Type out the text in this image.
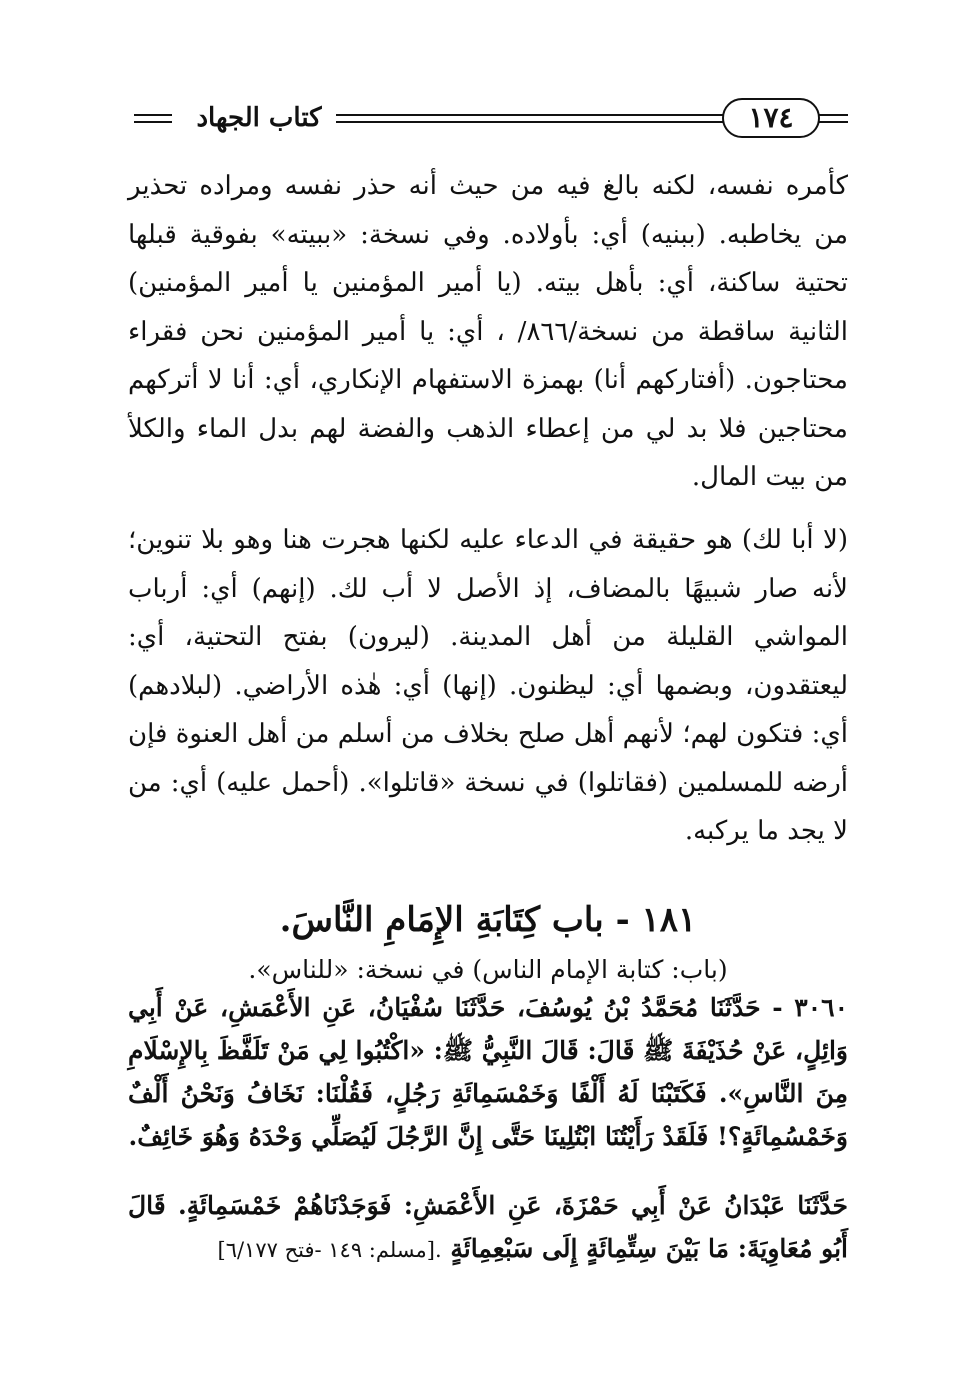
كتاب الجهاد	١٧٤

كأمره نفسه، لكنه بالغ فيه من حيث أنه حذر نفسه ومراده تحذير من يخاطبه. (ببنيه) أي: بأولاده. وفي نسخة: «ببيته» بفوقية قبلها تحتية ساكنة، أي: بأهل بيته. (يا أمير المؤمنين يا أمير المؤمنين) الثانية ساقطة من نسخة/٨٦٦/ ، أي: يا أمير المؤمنين نحن فقراء محتاجون. (أفتاركهم أنا) بهمزة الاستفهام الإنكاري، أي: أنا لا أتركهم محتاجين فلا بد لي من إعطاء الذهب والفضة لهم بدل الماء والكلأ من بيت المال.

(لا أبا لك) هو حقيقة في الدعاء عليه لكنها هجرت هنا وهو بلا تنوين؛ لأنه صار شبيهًا بالمضاف، إذ الأصل لا أب لك. (إنهم) أي: أرباب المواشي القليلة من أهل المدينة. (ليرون) بفتح التحتية، أي: ليعتقدون، وبضمها أي: ليظنون. (إنها) أي: هٰذه الأراضي. (لبلادهم) أي: فتكون لهم؛ لأنهم أهل صلح بخلاف من أسلم من أهل العنوة فإن أرضه للمسلمين (فقاتلوا) في نسخة «قاتلوا». (أحمل عليه) أي: من لا يجد ما يركبه.

١٨١ - باب كِتَابَةِ الإِمَامِ النَّاسَ.

(باب: كتابة الإمام الناس) في نسخة: «للناس».

٣٠٦٠ - حَدَّثَنَا مُحَمَّدُ بْنُ يُوسُفَ، حَدَّثَنَا سُفْيَانُ، عَنِ الأَعْمَشِ، عَنْ أَبِي وَائِلٍ، عَنْ حُذَيْفَةَ ﷺ قَالَ: قَالَ النَّبِيُّ ﷺ: «اكْتُبُوا لِي مَنْ تَلَفَّظَ بِالإِسْلَامِ مِنَ النَّاسِ». فَكَتَبْنَا لَهُ أَلْفًا وَخَمْسَمِائَةِ رَجُلٍ، فَقُلْنَا: نَخَافُ وَنَحْنُ أَلْفٌ وَخَمْسُمِائَةٍ؟! فَلَقَدْ رَأَيْتُنَا ابْتُلِينَا حَتَّى إِنَّ الرَّجُلَ لَيُصَلِّي وَحْدَهُ وَهُوَ خَائِفٌ.

حَدَّثَنَا عَبْدَانُ عَنْ أَبِي حَمْزَةَ، عَنِ الأَعْمَشِ: فَوَجَدْنَاهُمْ خَمْسَمِائَةٍ. قَالَ أَبُو مُعَاوِيَةَ: مَا بَيْنَ سِتِّمِائَةٍ إِلَى سَبْعِمِائَةٍ .[مسلم: ١٤٩ -فتح ٦/١٧٧]
